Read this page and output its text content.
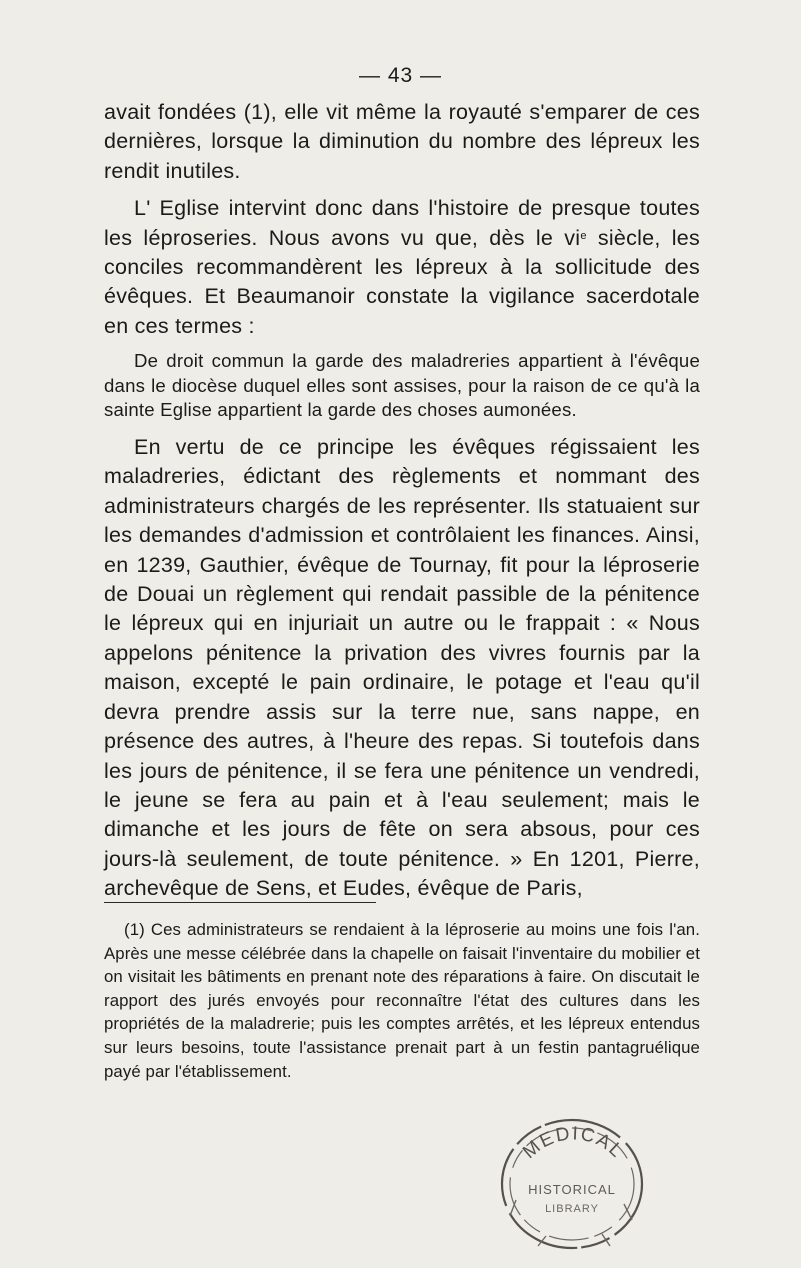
— 43 —

avait fondées (1), elle vit même la royauté s'emparer de ces dernières, lorsque la diminution du nombre des lépreux les rendit inutiles.

L' Eglise intervint donc dans l'histoire de presque toutes les léproseries. Nous avons vu que, dès le $vi^e$ siècle, les conciles recommandèrent les lépreux à la sollicitude des évêques. Et Beaumanoir constate la vigilance sacerdotale en ces termes :

De droit commun la garde des maladreries appartient à l'évêque dans le diocèse duquel elles sont assises, pour la raison de ce qu'à la sainte Eglise appartient la garde des choses aumonées.

En vertu de ce principe les évêques régissaient les maladreries, édictant des règlements et nommant des administrateurs chargés de les représenter. Ils statuaient sur les demandes d'admission et contrôlaient les finances. Ainsi, en 1239, Gauthier, évêque de Tournay, fit pour la léproserie de Douai un règlement qui rendait passible de la pénitence le lépreux qui en injuriait un autre ou le frappait : « Nous appelons pénitence la privation des vivres fournis par la maison, excepté le pain ordinaire, le potage et l'eau qu'il devra prendre assis sur la terre nue, sans nappe, en présence des autres, à l'heure des repas. Si toutefois dans les jours de pénitence, il se fera une pénitence un vendredi, le jeune se fera au pain et à l'eau seulement; mais le dimanche et les jours de fête on sera absous, pour ces jours-là seulement, de toute pénitence. » En 1201, Pierre, archevêque de Sens, et Eudes, évêque de Paris,

(1) Ces administrateurs se rendaient à la léproserie au moins une fois l'an. Après une messe célébrée dans la chapelle on faisait l'inventaire du mobilier et on visitait les bâtiments en prenant note des réparations à faire. On discutait le rapport des jurés envoyés pour reconnaître l'état des cultures dans les propriétés de la maladrerie; puis les comptes arrêtés, et les lépreux entendus sur leurs besoins, toute l'assistance prenait part à un festin pantagruélique payé par l'établissement.

MEDICAL
HISTORICAL
LIBRARY
